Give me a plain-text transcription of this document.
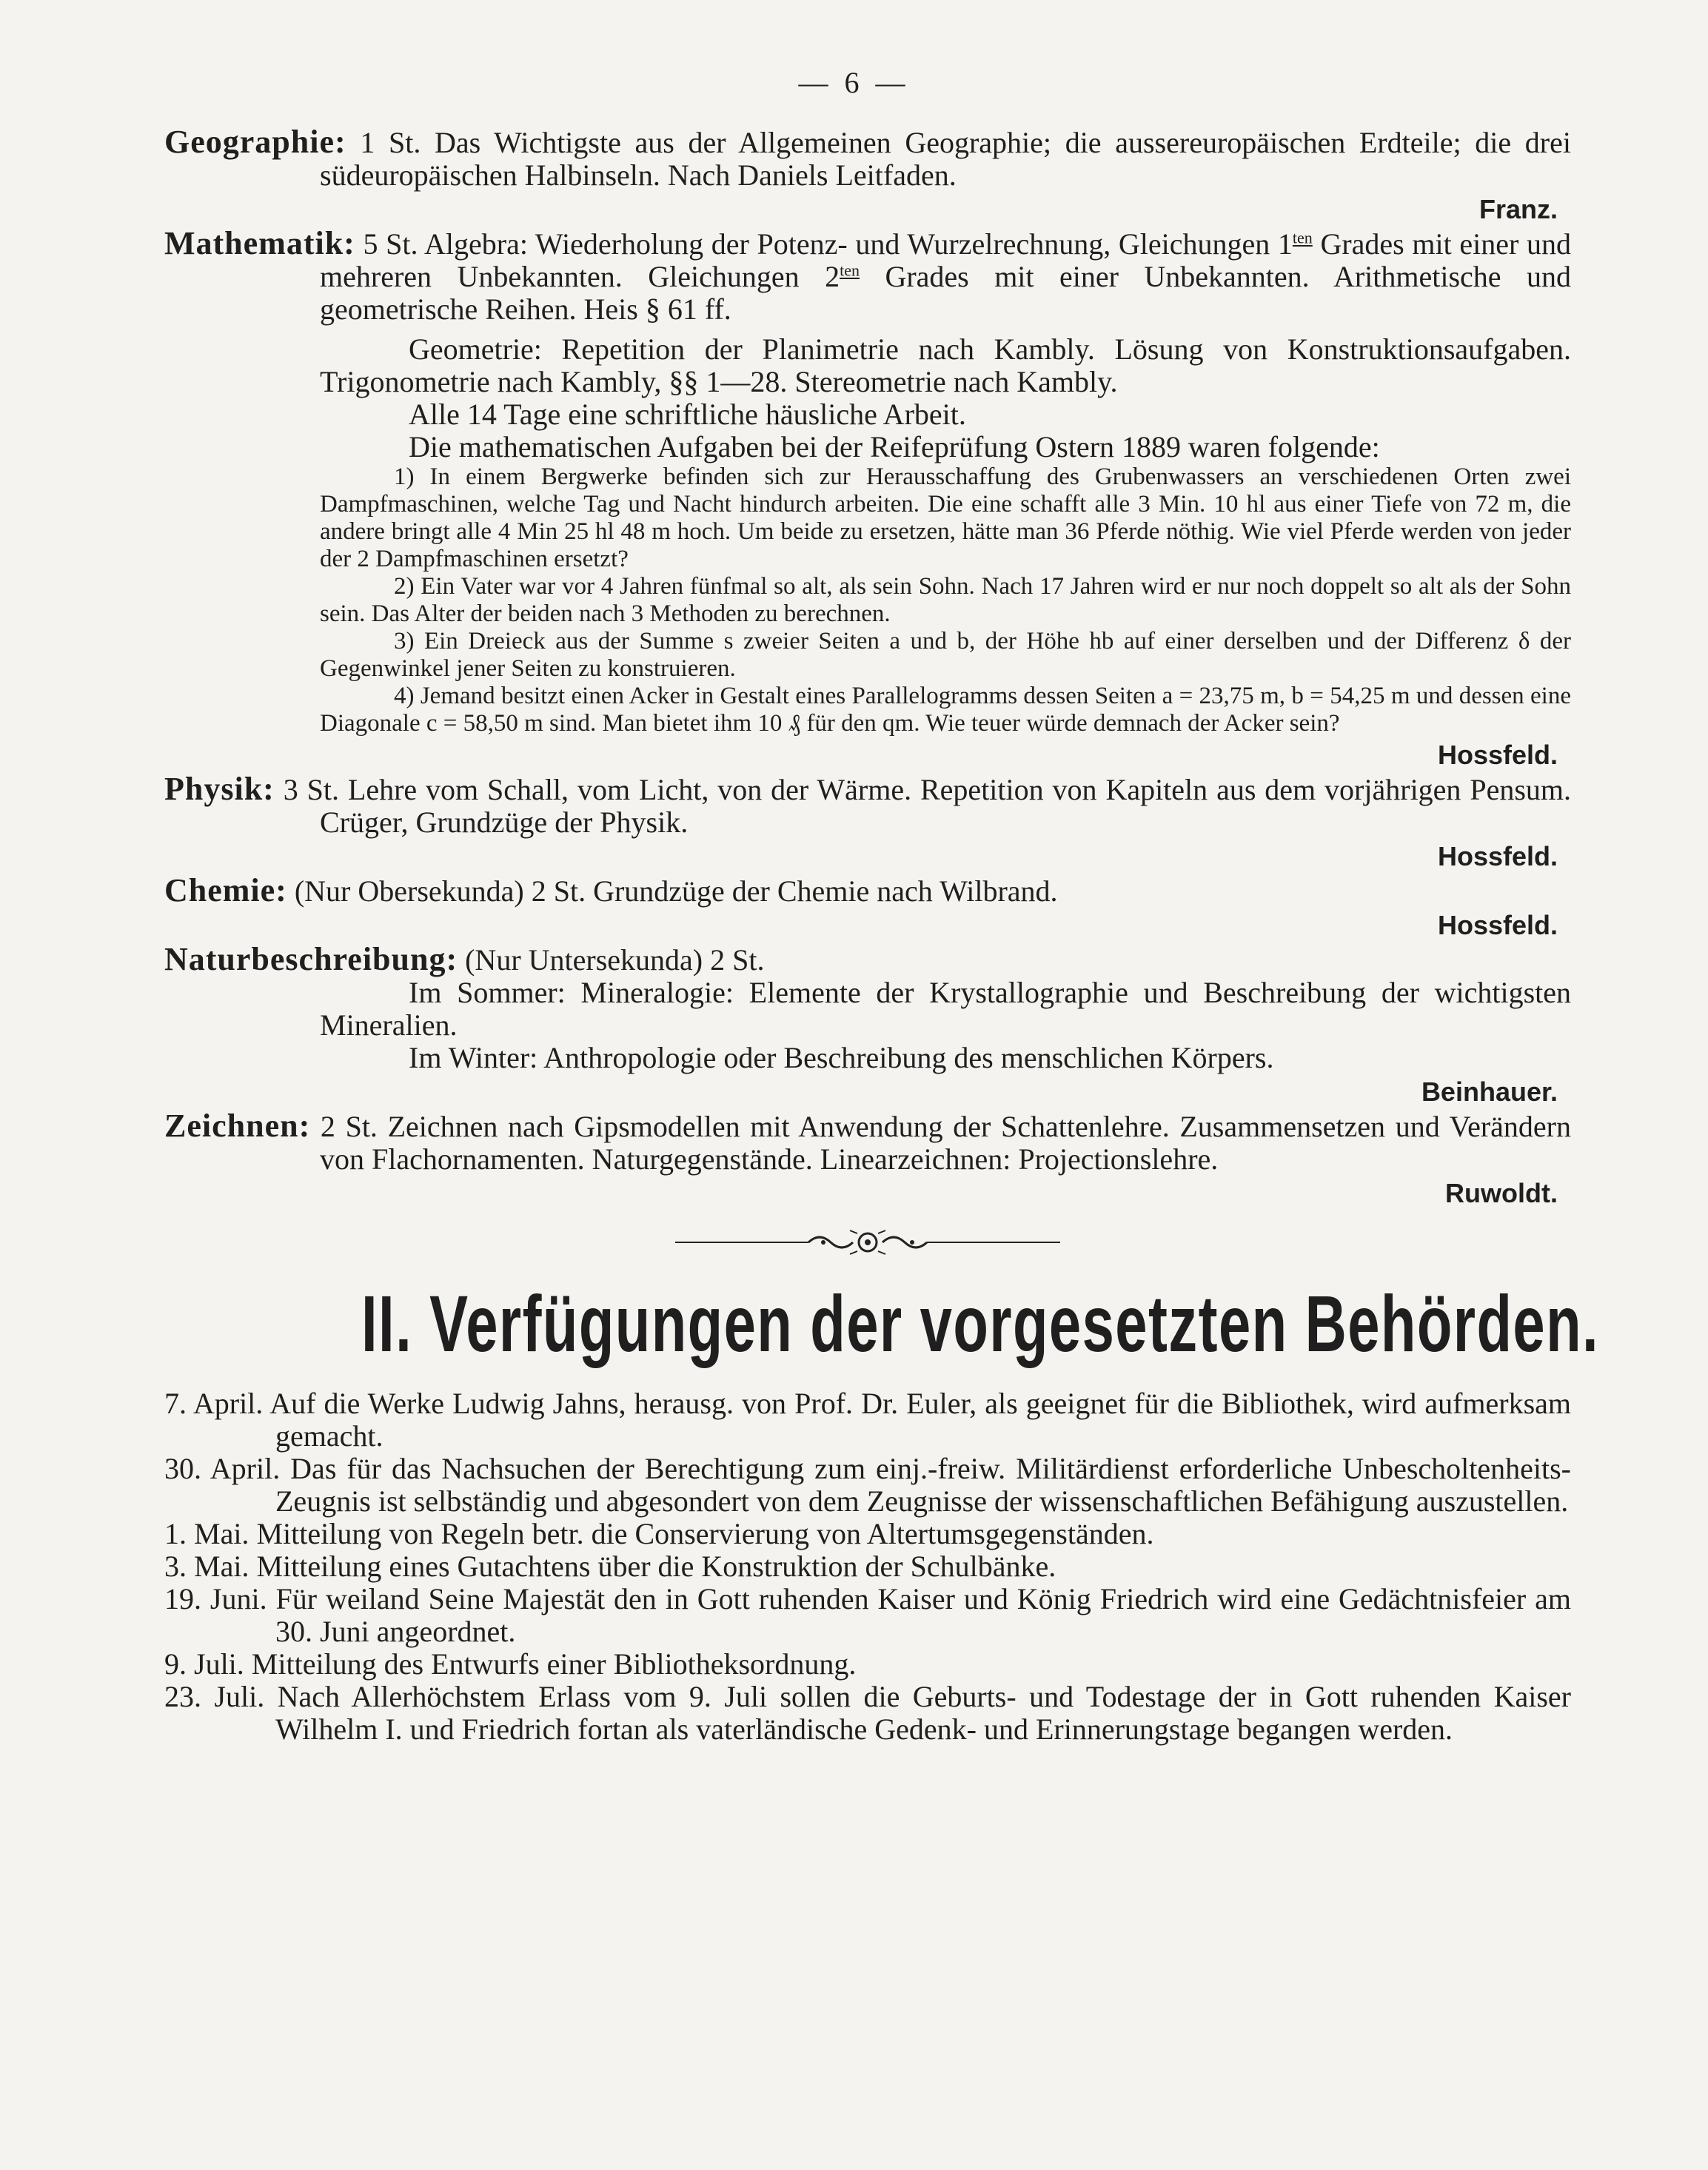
— 6 —

Geographie: 1 St. Das Wichtigste aus der Allgemeinen Geographie; die aussereuropäischen Erdteile; die drei südeuropäischen Halbinseln. Nach Daniels Leitfaden.

Franz.

Mathematik: 5 St. Algebra: Wiederholung der Potenz- und Wurzelrechnung, Gleichungen $1^{ten}$ Grades mit einer und mehreren Unbekannten. Gleichungen $2^{ten}$ Grades mit einer Unbekannten. Arithmetische und geometrische Reihen. Heis § 61 ff.

Geometrie: Repetition der Planimetrie nach Kambly. Lösung von Konstruktionsaufgaben. Trigonometrie nach Kambly, §§ 1—28. Stereometrie nach Kambly.

Alle 14 Tage eine schriftliche häusliche Arbeit.

Die mathematischen Aufgaben bei der Reifeprüfung Ostern 1889 waren folgende:

1) In einem Bergwerke befinden sich zur Herausschaffung des Grubenwassers an verschiedenen Orten zwei Dampfmaschinen, welche Tag und Nacht hindurch arbeiten. Die eine schafft alle 3 Min. 10 hl aus einer Tiefe von 72 m, die andere bringt alle 4 Min 25 hl 48 m hoch. Um beide zu ersetzen, hätte man 36 Pferde nöthig. Wie viel Pferde werden von jeder der 2 Dampfmaschinen ersetzt?

2) Ein Vater war vor 4 Jahren fünfmal so alt, als sein Sohn. Nach 17 Jahren wird er nur noch doppelt so alt als der Sohn sein. Das Alter der beiden nach 3 Methoden zu berechnen.

3) Ein Dreieck aus der Summe s zweier Seiten a und b, der Höhe hb auf einer derselben und der Differenz δ der Gegenwinkel jener Seiten zu konstruieren.

4) Jemand besitzt einen Acker in Gestalt eines Parallelogramms dessen Seiten a = 23,75 m, b = 54,25 m und dessen eine Diagonale c = 58,50 m sind. Man bietet ihm 10 ₰ für den qm. Wie teuer würde demnach der Acker sein?

Hossfeld.

Physik: 3 St. Lehre vom Schall, vom Licht, von der Wärme. Repetition von Kapiteln aus dem vorjährigen Pensum. Crüger, Grundzüge der Physik.

Hossfeld.

Chemie: (Nur Obersekunda) 2 St. Grundzüge der Chemie nach Wilbrand.

Hossfeld.

Naturbeschreibung: (Nur Untersekunda) 2 St.

Im Sommer: Mineralogie: Elemente der Krystallographie und Beschreibung der wichtigsten Mineralien.

Im Winter: Anthropologie oder Beschreibung des menschlichen Körpers.

Beinhauer.

Zeichnen: 2 St. Zeichnen nach Gipsmodellen mit Anwendung der Schattenlehre. Zusammensetzen und Verändern von Flachornamenten. Naturgegenstände. Linearzeichnen: Projectionslehre.

Ruwoldt.
II. Verfügungen der vorgesetzten Behörden.

7. April. Auf die Werke Ludwig Jahns, herausg. von Prof. Dr. Euler, als geeignet für die Bibliothek, wird aufmerksam gemacht.

30. April. Das für das Nachsuchen der Berechtigung zum einj.-freiw. Militärdienst erforderliche Unbescholtenheits-Zeugnis ist selbständig und abgesondert von dem Zeugnisse der wissenschaftlichen Befähigung auszustellen.

1. Mai. Mitteilung von Regeln betr. die Conservierung von Altertumsgegenständen.

3. Mai. Mitteilung eines Gutachtens über die Konstruktion der Schulbänke.

19. Juni. Für weiland Seine Majestät den in Gott ruhenden Kaiser und König Friedrich wird eine Gedächtnisfeier am 30. Juni angeordnet.

9. Juli. Mitteilung des Entwurfs einer Bibliotheksordnung.

23. Juli. Nach Allerhöchstem Erlass vom 9. Juli sollen die Geburts- und Todestage der in Gott ruhenden Kaiser Wilhelm I. und Friedrich fortan als vaterländische Gedenk- und Erinnerungstage begangen werden.
